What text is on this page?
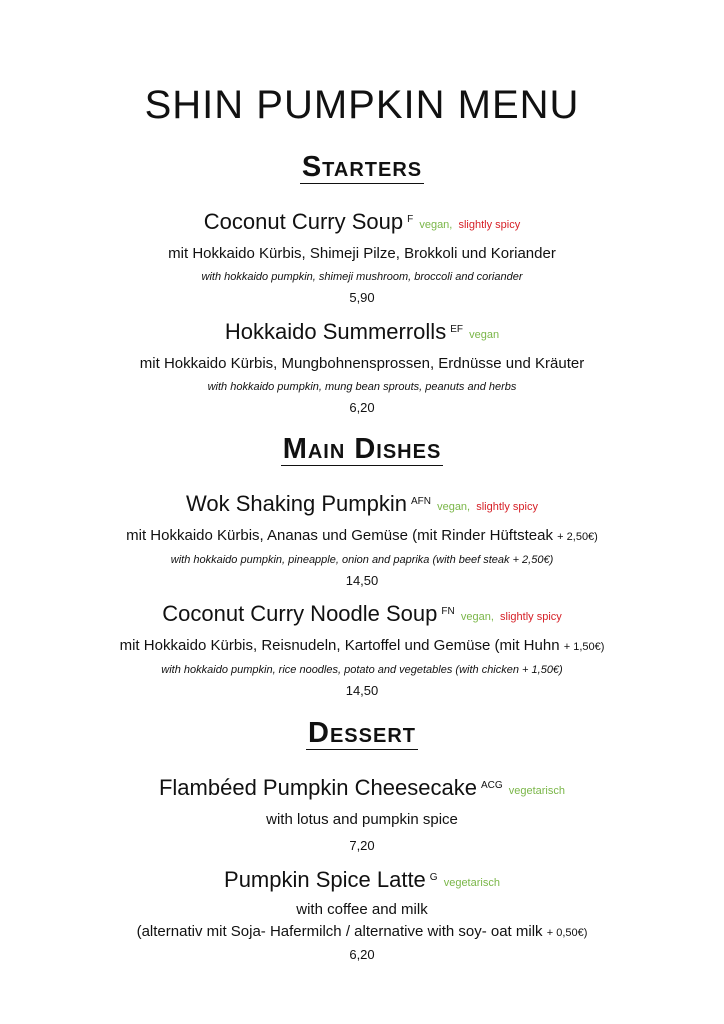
SHIN PUMPKIN MENU
Starters
Coconut Curry Soup $^F$ vegan, slightly spicy
mit Hokkaido Kürbis, Shimeji Pilze, Brokkoli und Koriander
with hokkaido pumpkin, shimeji mushroom, broccoli and coriander
5,90
Hokkaido Summerrolls $^{EF}$ vegan
mit Hokkaido Kürbis, Mungbohnensprossen, Erdnüsse und Kräuter
with hokkaido pumpkin, mung bean sprouts, peanuts and herbs
6,20
Main Dishes
Wok Shaking Pumpkin $^{AFN}$ vegan, slightly spicy
mit Hokkaido Kürbis, Ananas und Gemüse (mit Rinder Hüftsteak + 2,50€)
with hokkaido pumpkin, pineapple, onion and paprika (with beef steak + 2,50€)
14,50
Coconut Curry Noodle Soup $^{FN}$ vegan, slightly spicy
mit Hokkaido Kürbis, Reisnudeln, Kartoffel und Gemüse (mit Huhn + 1,50€)
with hokkaido pumpkin, rice noodles, potato and vegetables (with chicken + 1,50€)
14,50
Dessert
Flambéed Pumpkin Cheesecake $^{ACG}$ vegetarisch
with lotus and pumpkin spice
7,20
Pumpkin Spice Latte $^G$ vegetarisch
with coffee and milk
(alternativ mit Soja- Hafermilch / alternative with soy- oat milk + 0,50€)
6,20
